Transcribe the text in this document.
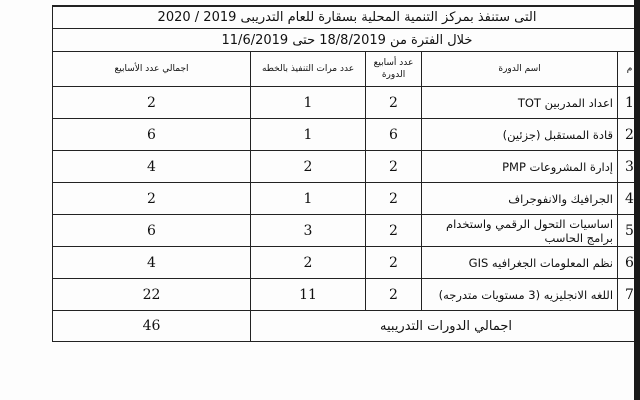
التى ستنفذ بمركز التنمية المحلية بسقارة للعام التدريبى 2019 / 2020				
خلال الفترة من 18/8/2019 حتى 11/6/2019				
م	اسم الدورة	عدد أسابيع الدورة	عدد مرات التنفيذ بالخطه	اجمالي عدد الأسابيع
1	اعداد المدربين TOT	2	1	2
2	قادة المستقبل (جزئين)	6	1	6
3	إدارة المشروعات PMP	2	2	4
4	الجرافيك والانفوجراف	2	1	2
5	اساسيات التحول الرقمي واستخدام برامج الحاسب	2	3	6
6	نظم المعلومات الجغرافيه GIS	2	2	4
7	اللغه الانجليزيه (3 مستويات متدرجه)	2	11	22
اجمالي الدورات التدريبيه				46
